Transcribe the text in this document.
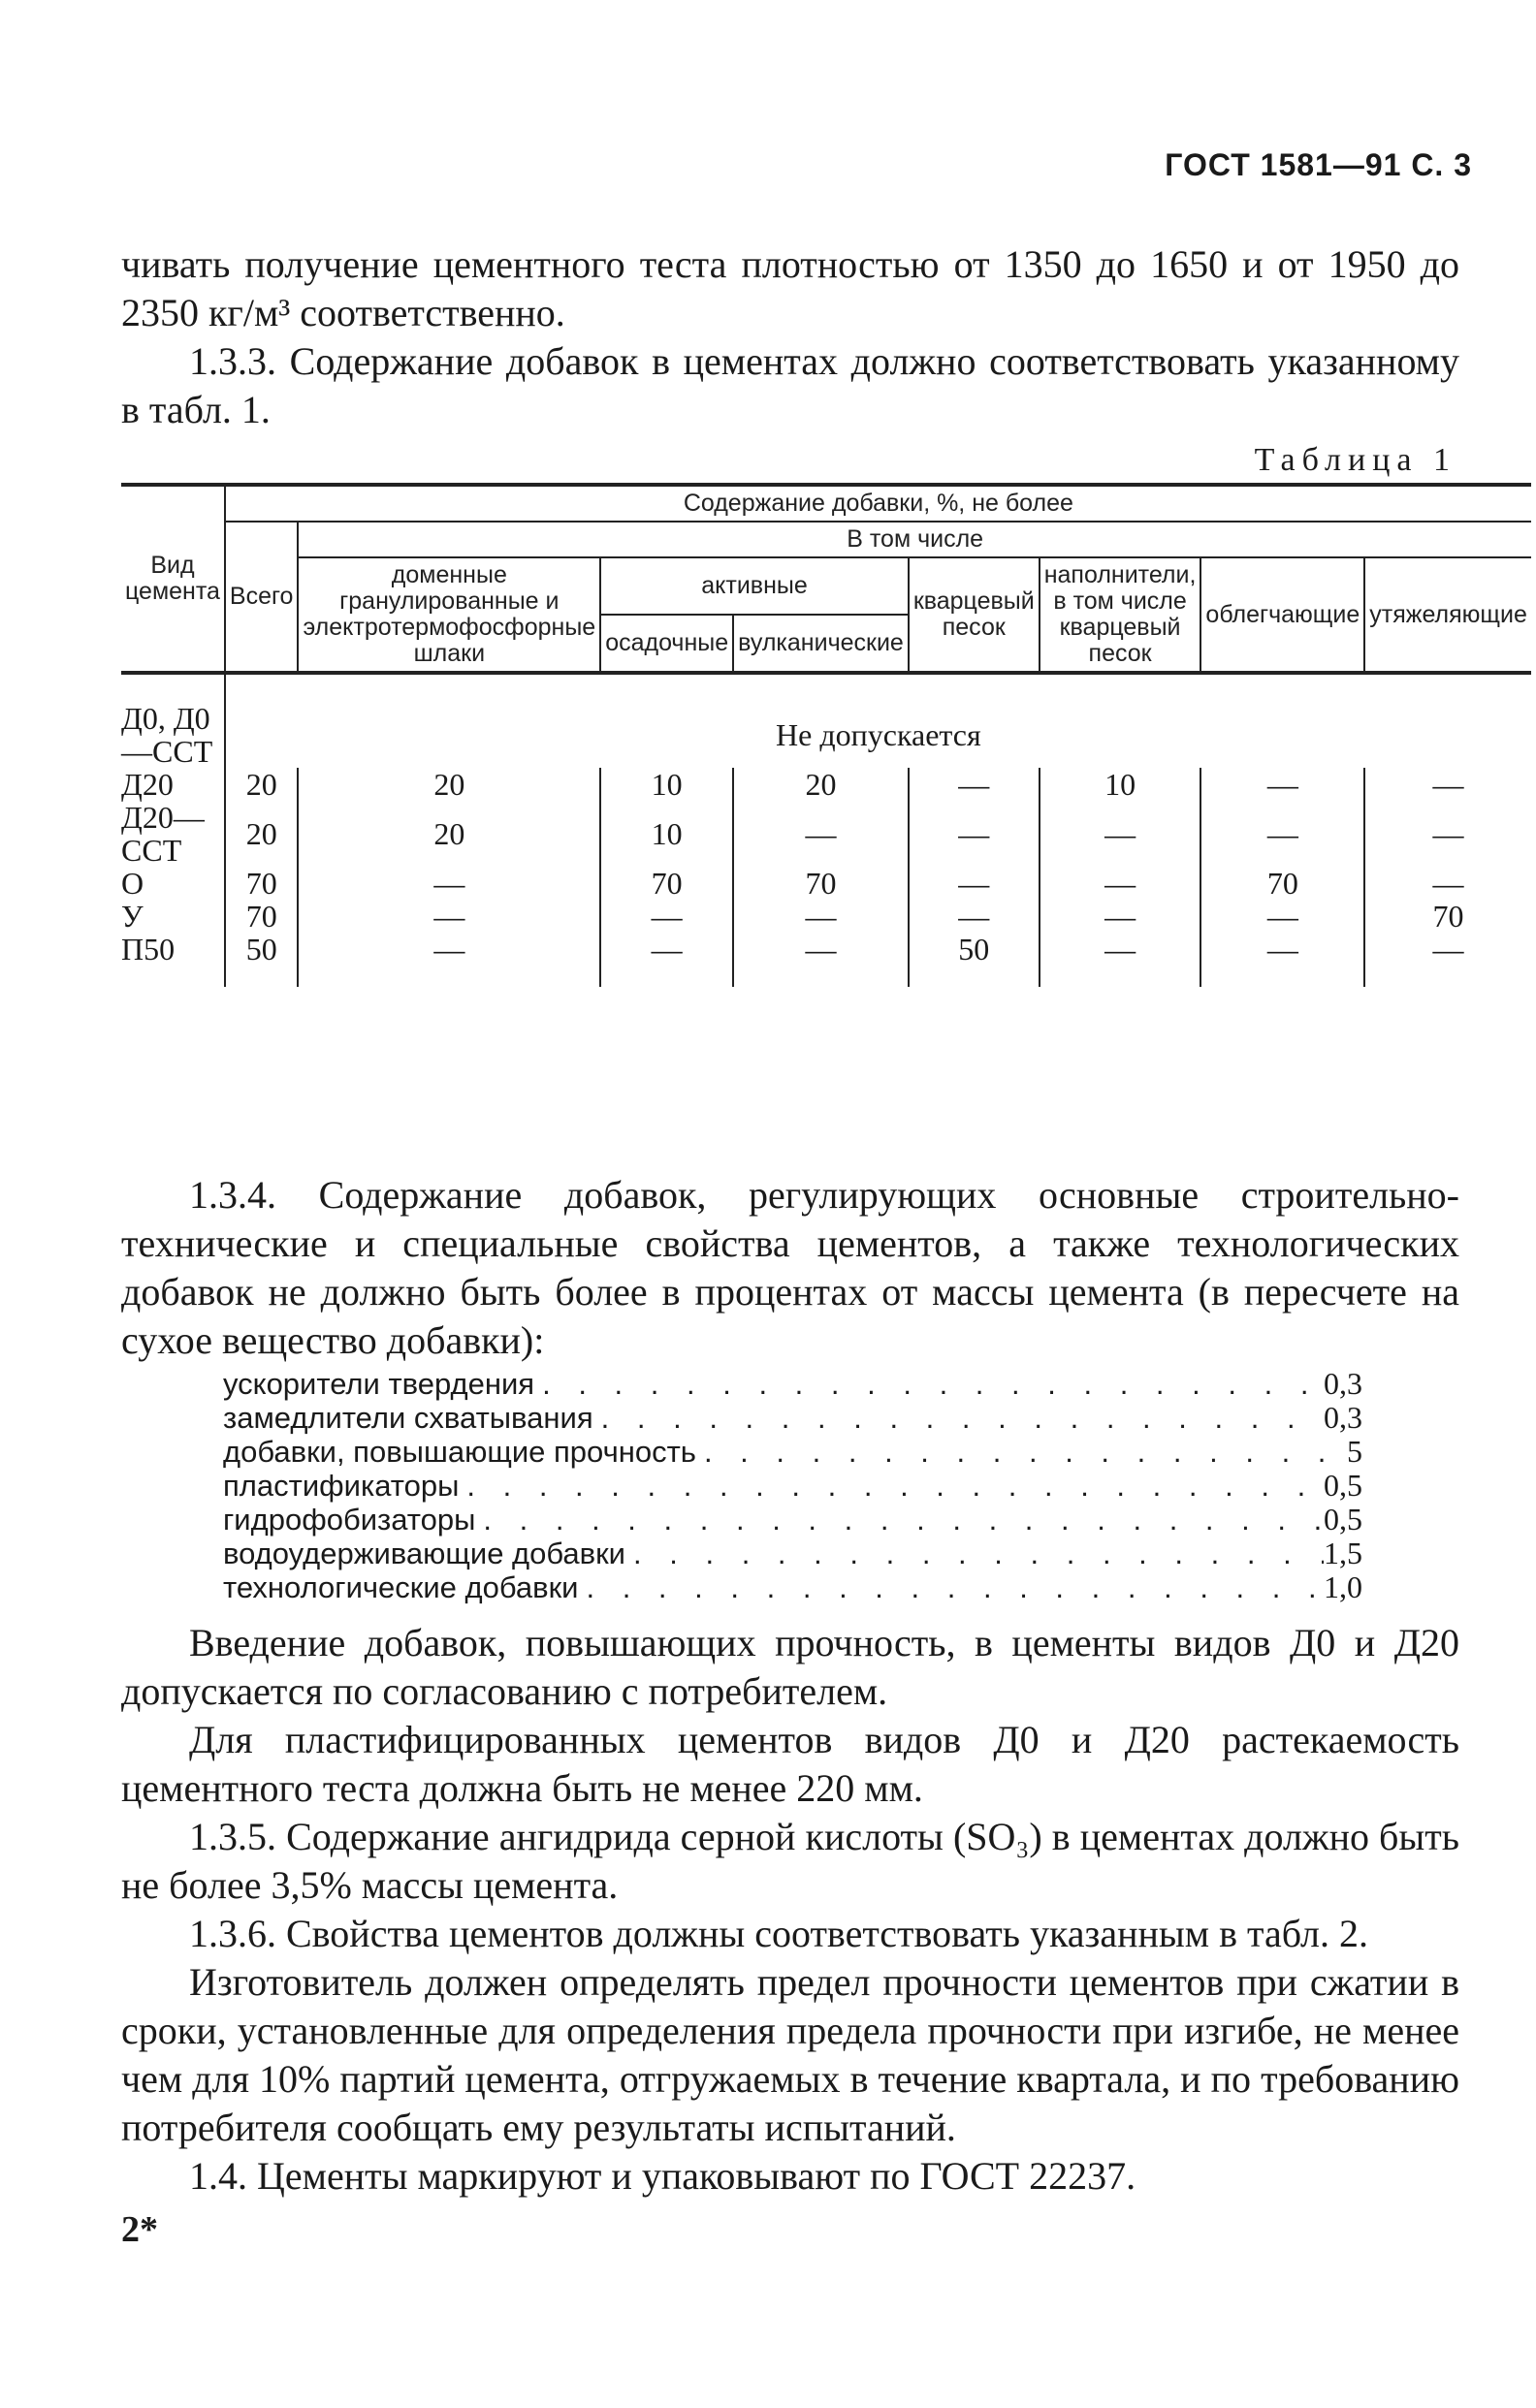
ГОСТ 1581—91 С. 3

чивать получение цементного теста плотностью от 1350 до 1650 и от 1950 до 2350 кг/м³ соответственно.

1.3.3. Содержание добавок в цементах должно соответствовать указанному в табл. 1.

Таблица 1
Вид цемента	Содержание добавки, %, не более							
	Всего	В том числе						
		доменные гранулированные и электротермофосфорные шлаки	активные		кварцевый песок	наполнители, в том числе кварцевый песок	облегчающие	утяжеляющие
			осадочные	вулканические				
Д0, Д0—ССТ	Не допускается							
Д20	20	20	10	20	—	10	—	—
Д20—ССТ	20	20	10	—	—	—	—	—
О	70	—	70	70	—	—	70	—
У	70	—	—	—	—	—	—	70
П50	50	—	—	—	50	—	—	—

1.3.4. Содержание добавок, регулирующих основные строительно-технические и специальные свойства цементов, а также технологических добавок не должно быть более в процентах от массы цемента (в пересчете на сухое вещество добавки):

ускорители твердения . . .	0,3
замедлители схватывания . . .	0,3
добавки, повышающие прочность . . .	5
пластификаторы . . .	0,5
гидрофобизаторы . . .	0,5
водоудерживающие добавки . . .	1,5
технологические добавки . . .	1,0

Введение добавок, повышающих прочность, в цементы видов Д0 и Д20 допускается по согласованию с потребителем.

Для пластифицированных цементов видов Д0 и Д20 растекаемость цементного теста должна быть не менее 220 мм.

1.3.5. Содержание ангидрида серной кислоты (SO₃) в цементах должно быть не более 3,5% массы цемента.

1.3.6. Свойства цементов должны соответствовать указанным в табл. 2.

Изготовитель должен определять предел прочности цементов при сжатии в сроки, установленные для определения предела прочности при изгибе, не менее чем для 10% партий цемента, отгружаемых в течение квартала, и по требованию потребителя сообщать ему результаты испытаний.

1.4. Цементы маркируют и упаковывают по ГОСТ 22237.

2*
